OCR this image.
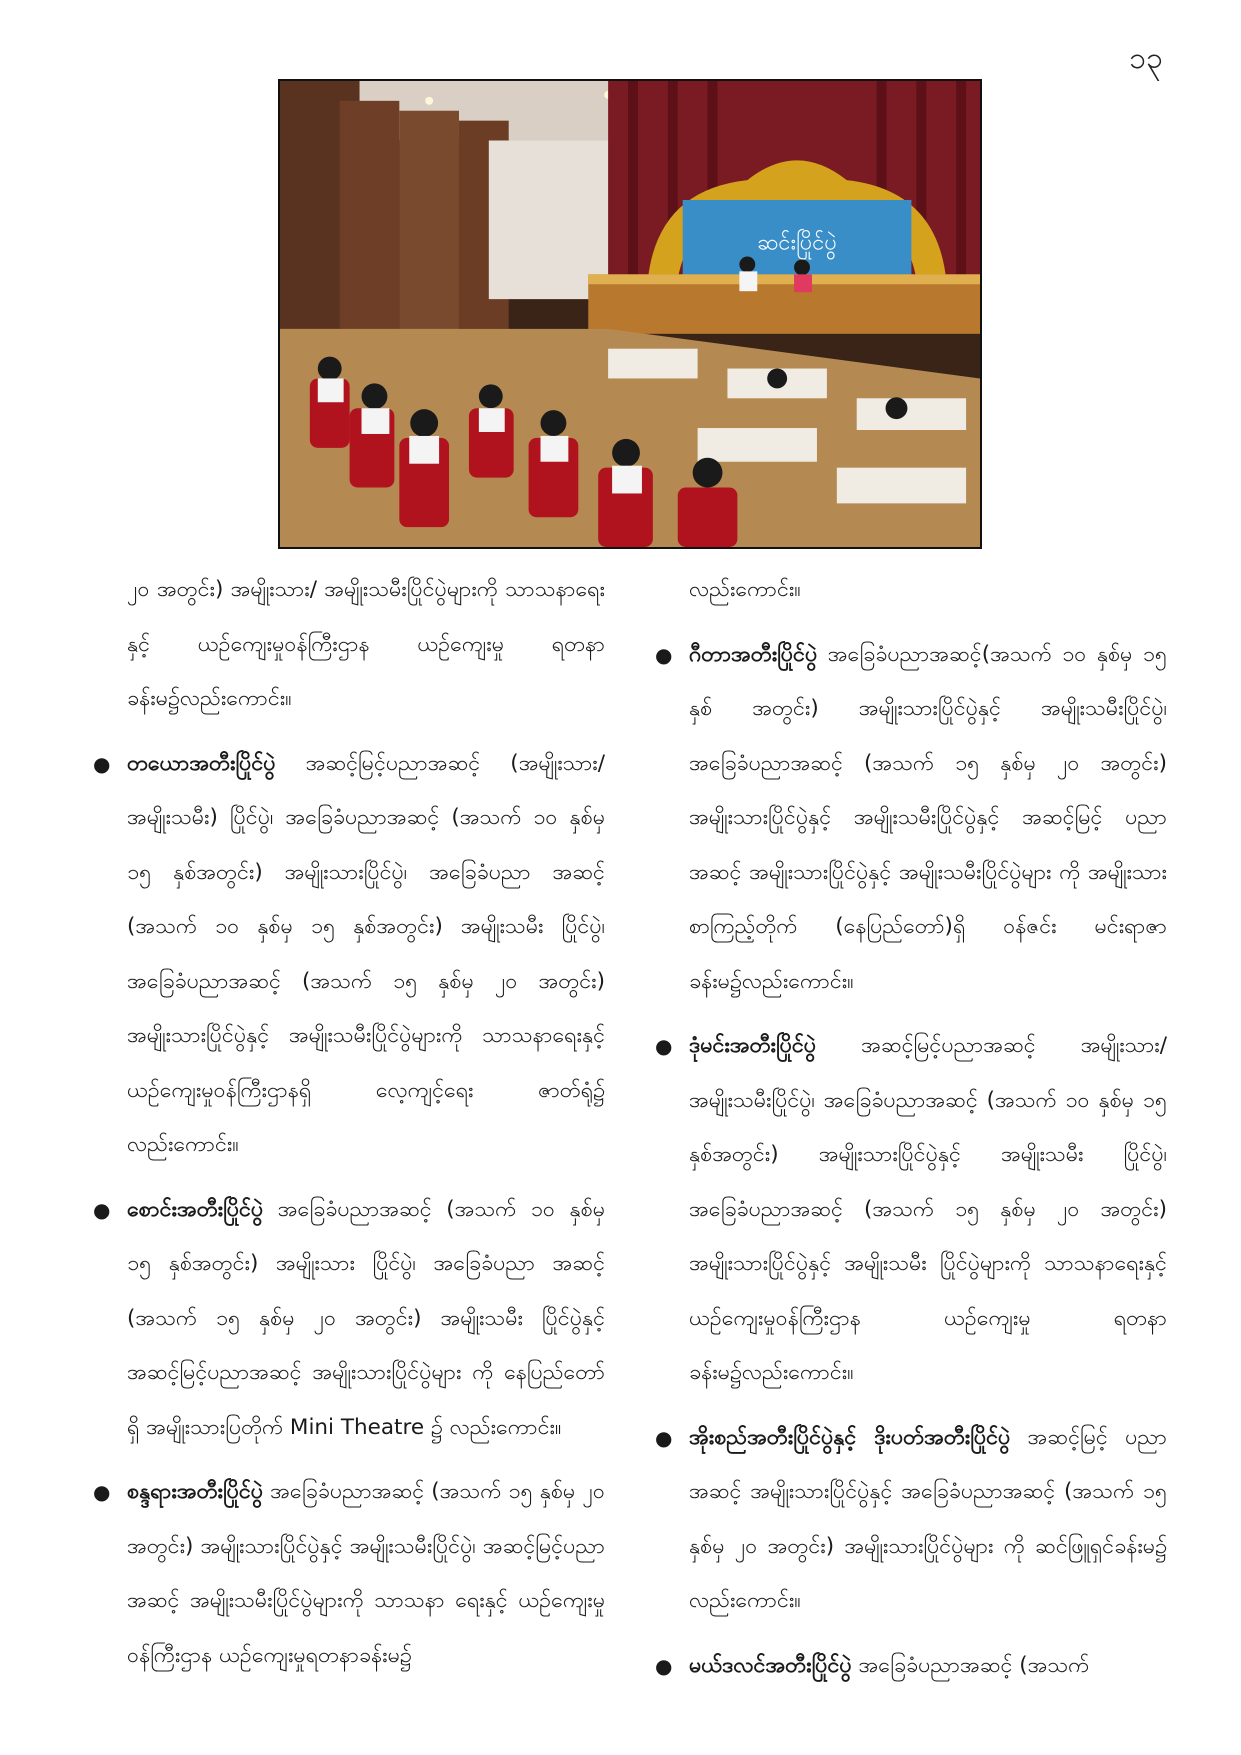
၁၃
ဆင်းပြိုင်ပွဲ
၂၀ အတွင်း) အမျိုးသား/ အမျိုးသမီးပြိုင်ပွဲများကို သာသနာရေးနှင့် ယဉ်ကျေးမှုဝန်ကြီးဌာန ယဉ်ကျေးမှု ရတနာခန်းမ၌လည်းကောင်း။
● တယောအတီးပြိုင်ပွဲ အဆင့်မြင့်ပညာအဆင့် (အမျိုးသား/ အမျိုးသမီး) ပြိုင်ပွဲ၊ အခြေခံပညာအဆင့် (အသက် ၁၀ နှစ်မှ ၁၅ နှစ်အတွင်း) အမျိုးသားပြိုင်ပွဲ၊ အခြေခံပညာ အဆင့် (အသက် ၁၀ နှစ်မှ ၁၅ နှစ်အတွင်း) အမျိုးသမီး ပြိုင်ပွဲ၊ အခြေခံပညာအဆင့် (အသက် ၁၅ နှစ်မှ ၂၀ အတွင်း) အမျိုးသားပြိုင်ပွဲနှင့် အမျိုးသမီးပြိုင်ပွဲများကို သာသနာရေးနှင့် ယဉ်ကျေးမှုဝန်ကြီးဌာနရှိ လေ့ကျင့်ရေး ဇာတ်ရုံ၌ လည်းကောင်း။
● စောင်းအတီးပြိုင်ပွဲ အခြေခံပညာအဆင့် (အသက် ၁၀ နှစ်မှ ၁၅ နှစ်အတွင်း) အမျိုးသား ပြိုင်ပွဲ၊ အခြေခံပညာ အဆင့် (အသက် ၁၅ နှစ်မှ ၂၀ အတွင်း) အမျိုးသမီး ပြိုင်ပွဲနှင့် အဆင့်မြင့်ပညာအဆင့် အမျိုးသားပြိုင်ပွဲများ ကို နေပြည်တော်ရှိ အမျိုးသားပြတိုက် Mini Theatre ၌ လည်းကောင်း။
● စန္ဒရားအတီးပြိုင်ပွဲ အခြေခံပညာအဆင့် (အသက် ၁၅ နှစ်မှ ၂၀ အတွင်း) အမျိုးသားပြိုင်ပွဲနှင့် အမျိုးသမီးပြိုင်ပွဲ၊ အဆင့်မြင့်ပညာအဆင့် အမျိုးသမီးပြိုင်ပွဲများကို သာသနာ ရေးနှင့် ယဉ်ကျေးမှုဝန်ကြီးဌာန ယဉ်ကျေးမှုရတနာခန်းမ၌
လည်းကောင်း။
● ဂီတာအတီးပြိုင်ပွဲ အခြေခံပညာအဆင့်(အသက် ၁၀ နှစ်မှ ၁၅ နှစ် အတွင်း) အမျိုးသားပြိုင်ပွဲနှင့် အမျိုးသမီးပြိုင်ပွဲ၊ အခြေခံပညာအဆင့် (အသက် ၁၅ နှစ်မှ ၂၀ အတွင်း) အမျိုးသားပြိုင်ပွဲနှင့် အမျိုးသမီးပြိုင်ပွဲနှင့် အဆင့်မြင့် ပညာအဆင့် အမျိုးသားပြိုင်ပွဲနှင့် အမျိုးသမီးပြိုင်ပွဲများ ကို အမျိုးသားစာကြည့်တိုက် (နေပြည်တော်)ရှိ ဝန်ဇင်း မင်းရာဇာခန်းမ၌လည်းကောင်း။
● ဒုံမင်းအတီးပြိုင်ပွဲ အဆင့်မြင့်ပညာအဆင့် အမျိုးသား/ အမျိုးသမီးပြိုင်ပွဲ၊ အခြေခံပညာအဆင့် (အသက် ၁၀ နှစ်မှ ၁၅ နှစ်အတွင်း) အမျိုးသားပြိုင်ပွဲနှင့် အမျိုးသမီး ပြိုင်ပွဲ၊ အခြေခံပညာအဆင့် (အသက် ၁၅ နှစ်မှ ၂၀ အတွင်း) အမျိုးသားပြိုင်ပွဲနှင့် အမျိုးသမီး ပြိုင်ပွဲများကို သာသနာရေးနှင့် ယဉ်ကျေးမှုဝန်ကြီးဌာန ယဉ်ကျေးမှု ရတနာခန်းမ၌လည်းကောင်း။
● အိုးစည်အတီးပြိုင်ပွဲနှင့် ဒိုးပတ်အတီးပြိုင်ပွဲ အဆင့်မြင့် ပညာအဆင့် အမျိုးသားပြိုင်ပွဲနှင့် အခြေခံပညာအဆင့် (အသက် ၁၅ နှစ်မှ ၂၀ အတွင်း) အမျိုးသားပြိုင်ပွဲများ ကို ဆင်ဖြူရှင်ခန်းမ၌ လည်းကောင်း။
● မယ်ဒလင်အတီးပြိုင်ပွဲ အခြေခံပညာအဆင့် (အသက်
